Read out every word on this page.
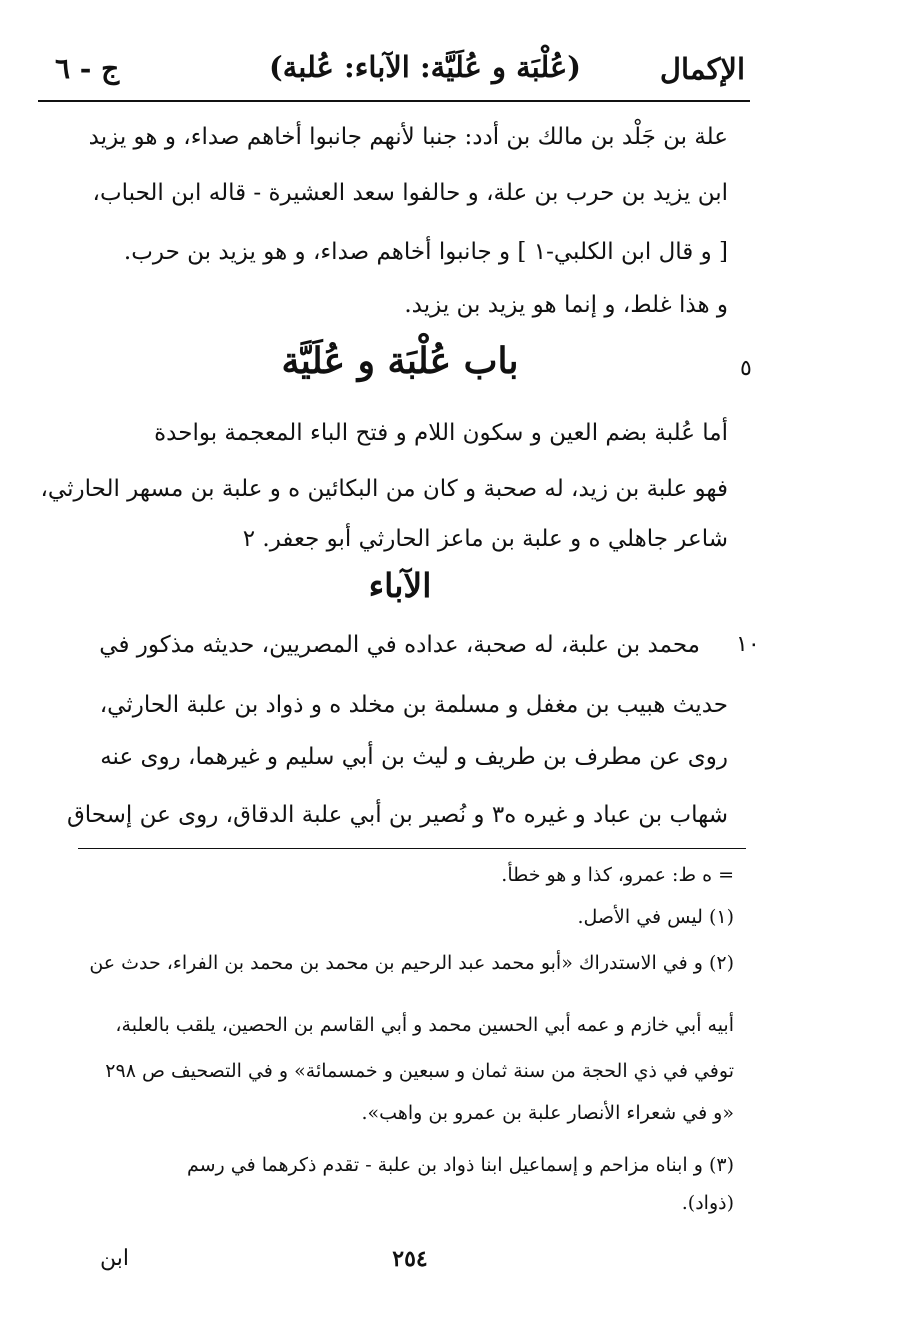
ج - ٦	(عُلْبَة و عُلَيَّة: الآباء: عُلبة)	الإكمال
علة بن جَلْد بن مالك بن أدد: جنبا لأنهم جانبوا أخاهم صداء، و هو يزيد
ابن يزيد بن حرب بن علة، و حالفوا سعد العشيرة - قاله ابن الحباب،
[ و قال ابن الكلبي-١ ] و جانبوا أخاهم صداء، و هو يزيد بن حرب.
و هذا غلط، و إنما هو يزيد بن يزيد.
٥
باب عُلْبَة و عُلَيَّة
أما عُلبة بضم العين و سكون اللام و فتح الباء المعجمة بواحدة
فهو علبة بن زيد، له صحبة و كان من البكائين ه و علبة بن مسهر الحارثي،
شاعر جاهلي ه و علبة بن ماعز الحارثي أبو جعفر. ٢
الآباء
١٠
محمد بن علبة، له صحبة، عداده في المصريين، حديثه مذكور في
حديث هبيب بن مغفل و مسلمة بن مخلد ه و ذواد بن علبة الحارثي،
روى عن مطرف بن طريف و ليث بن أبي سليم و غيرهما، روى عنه
شهاب بن عباد و غيره ه٣ و نُصير بن أبي علبة الدقاق، روى عن إسحاق
= ه ط: عمرو، كذا و هو خطأ.
(١) ليس في الأصل.
(٢) و في الاستدراك «أبو محمد عبد الرحيم بن محمد بن محمد بن الفراء، حدث عن
أبيه أبي خازم و عمه أبي الحسين محمد و أبي القاسم بن الحصين، يلقب بالعلبة،
توفي في ذي الحجة من سنة ثمان و سبعين و خمسمائة» و في التصحيف ص ٢٩٨
«و في شعراء الأنصار علبة بن عمرو بن واهب».
(٣) و ابناه مزاحم و إسماعيل ابنا ذواد بن علبة - تقدم ذكرهما في رسم
(ذواد).
٢٥٤
ابن
